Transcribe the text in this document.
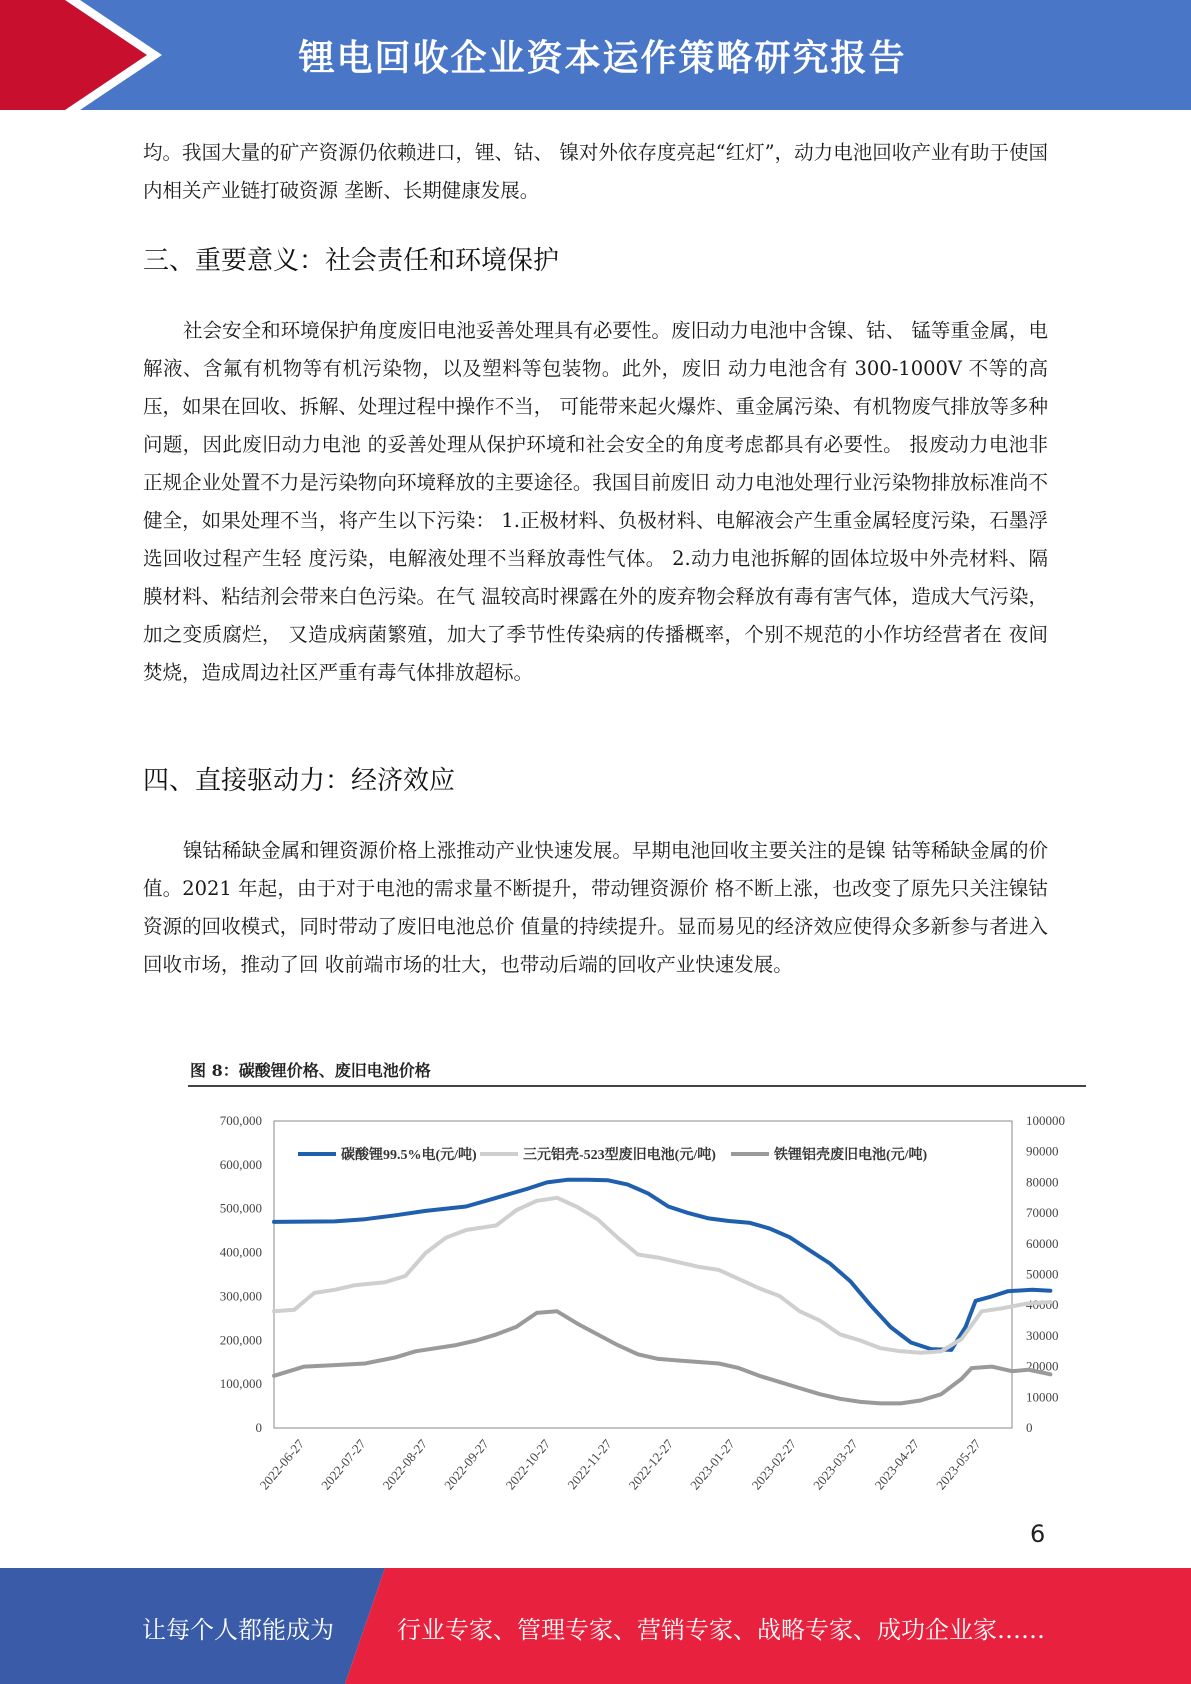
锂电回收企业资本运作策略研究报告

均。我国大量的矿产资源仍依赖进口，锂、钴、 镍对外依存度亮起“红灯”，动力电池回收产业有助于使国内相关产业链打破资源 垄断、长期健康发展。

三、重要意义：社会责任和环境保护

社会安全和环境保护角度废旧电池妥善处理具有必要性。废旧动力电池中含镍、钴、 锰等重金属，电解液、含氟有机物等有机污染物，以及塑料等包装物。此外，废旧 动力电池含有 300-1000V 不等的高压，如果在回收、拆解、处理过程中操作不当， 可能带来起火爆炸、重金属污染、有机物废气排放等多种问题，因此废旧动力电池 的妥善处理从保护环境和社会安全的角度考虑都具有必要性。 报废动力电池非正规企业处置不力是污染物向环境释放的主要途径。我国目前废旧 动力电池处理行业污染物排放标准尚不健全，如果处理不当，将产生以下污染： 1.正极材料、负极材料、电解液会产生重金属轻度污染，石墨浮选回收过程产生轻 度污染，电解液处理不当释放毒性气体。 2.动力电池拆解的固体垃圾中外壳材料、隔膜材料、粘结剂会带来白色污染。在气 温较高时裸露在外的废弃物会释放有毒有害气体，造成大气污染，加之变质腐烂， 又造成病菌繁殖，加大了季节性传染病的传播概率，个别不规范的小作坊经营者在 夜间焚烧，造成周边社区严重有毒气体排放超标。

四、直接驱动力：经济效应

镍钴稀缺金属和锂资源价格上涨推动产业快速发展。早期电池回收主要关注的是镍 钴等稀缺金属的价值。2021 年起，由于对于电池的需求量不断提升，带动锂资源价 格不断上涨，也改变了原先只关注镍钴资源的回收模式，同时带动了废旧电池总价 值量的持续提升。显而易见的经济效应使得众多新参与者进入回收市场，推动了回 收前端市场的壮大，也带动后端的回收产业快速发展。

图 8：碳酸锂价格、废旧电池价格
0
100,000
200,000
300,000
400,000
500,000
600,000
700,000
0
10000
20000
30000
40000
50000
60000
70000
80000
90000
100000
2022-06-27 2022-07-27 2022-08-27 2022-09-27 2022-10-27 2022-11-27 2022-12-27 2023-01-27 2023-02-27 2023-03-27 2023-04-27 2023-05-27
碳酸锂99.5%电(元/吨)	三元铝壳-523型废旧电池(元/吨)	铁锂铝壳废旧电池(元/吨)
6
让每个人都能成为	行业专家、管理专家、营销专家、战略专家、成功企业家……
